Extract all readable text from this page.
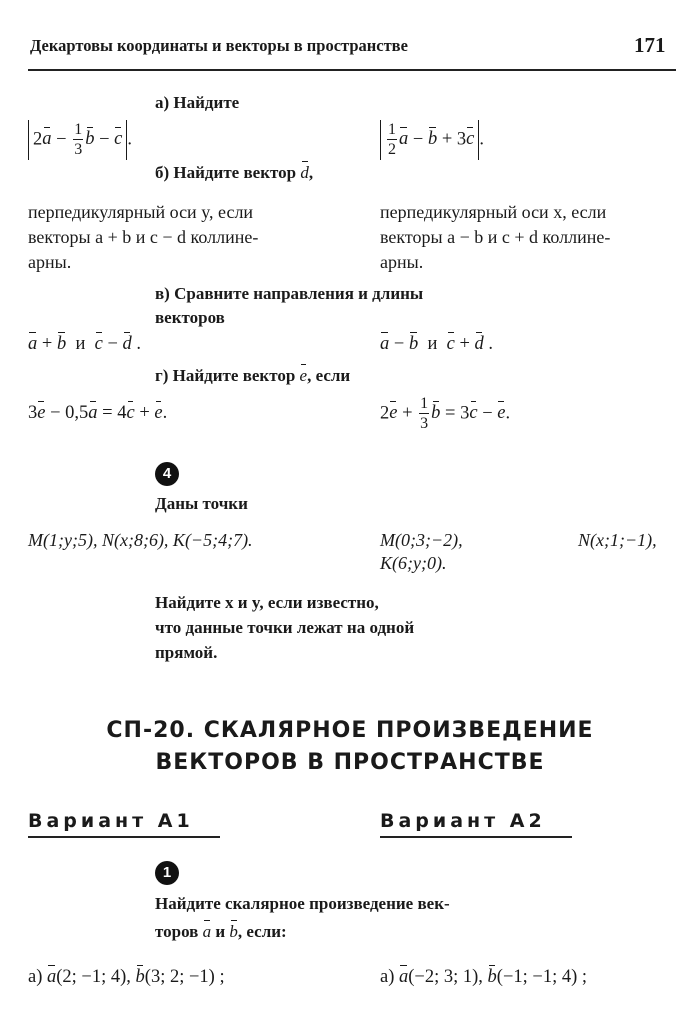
Декартовы координаты и векторы в пространстве	171
а) Найдите
$2a - \frac{1}{3}$ b − c .	$\frac{1}{2}$ a − b + 3c .
б) Найдите вектор d,
перпедикулярный оси y, если
векторы a + b и c − d коллине-
арны.
перпедикулярный оси x, если
векторы a − b и c + d коллине-
арны.
в) Сравните направления и длины
векторов
a + b и c − d .	a − b и c + d .
г) Найдите вектор e, если
3e − 0,5a = 4c + e.	$2e + \frac{1}{3}$ b = 3c − e.
4
Даны точки
M(1;y;5), N(x;8;6), K(−5;4;7).	M(0;3;−2),	N(x;1;−1),
K(6;y;0).
Найдите x и y, если известно,
что данные точки лежат на одной
прямой.
СП-20. СКАЛЯРНОЕ ПРОИЗВЕДЕНИЕ
ВЕКТОРОВ В ПРОСТРАНСТВЕ
Вариант А1	Вариант А2
1
Найдите скалярное произведение век-
торов a и b, если:
а) a(2; −1; 4), b(3; 2; −1) ;	а) a(−2; 3; 1), b(−1; −1; 4) ;
